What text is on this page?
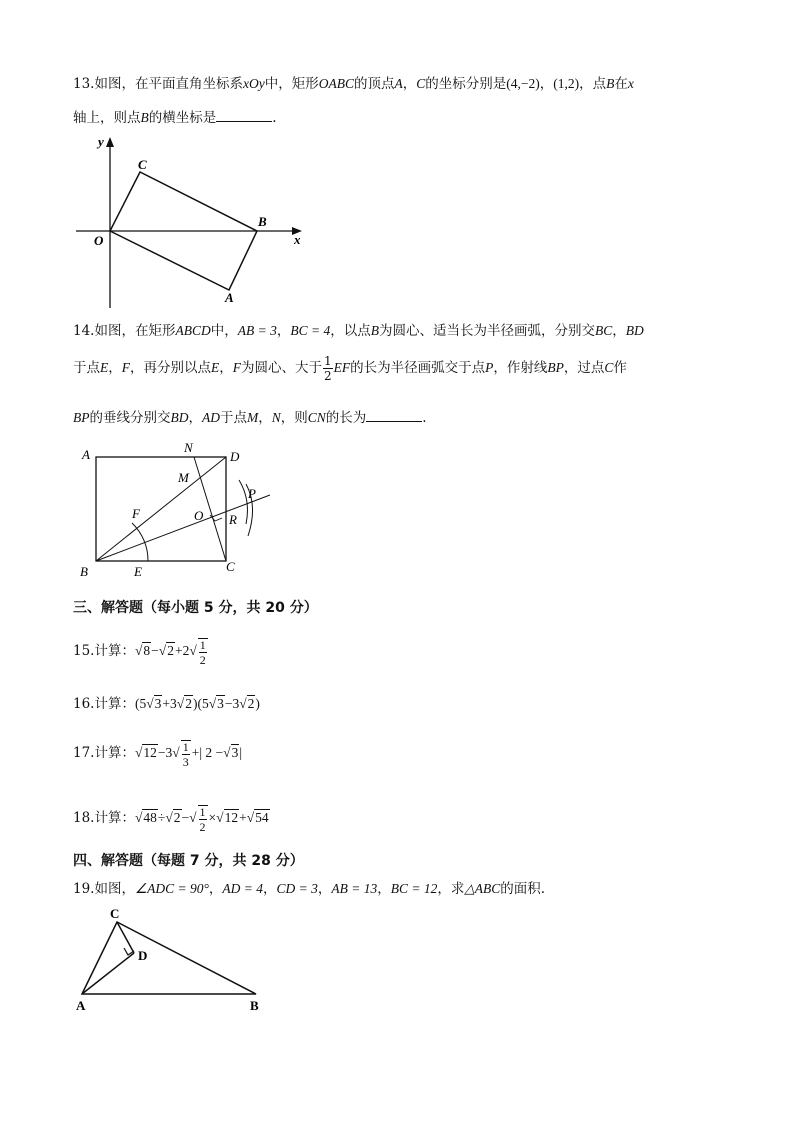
13.如图，在平面直角坐标系xOy中，矩形OABC的顶点A，C的坐标分别是(4,−2)，(1,2)，点B在x
轴上，则点B的横坐标是	.
y
x
O
C
B
A
14.如图，在矩形ABCD中，AB = 3，BC = 4，以点B为圆心、适当长为半径画弧，分别交BC，BD
于点E，F，再分别以点E，F为圆心、大于 $\frac{1}{2}$ EF的长为半径画弧交于点P，作射线BP，过点C作
BP的垂线分别交BD，AD于点M，N，则CN的长为	.
A	N
D
M
P
F	O R
B	E	C
三、解答题（每小题 5 分，共 20 分）
15.计算：$√8-√2+2√ \frac{1}{2}$
16.计算：(5√3+3√2)(5√3−3√2)
17.计算：$√12-3√ \frac{1}{3}$ +| 2 −√3|
18.计算：$√48\div√2-√ \frac{1}{2} \times√12+√54$
四、解答题（每题 7 分，共 28 分）
19.如图，∠ADC = 90°，AD = 4，CD = 3，AB = 13，BC = 12，求△ABC的面积.
C
D
A	B
